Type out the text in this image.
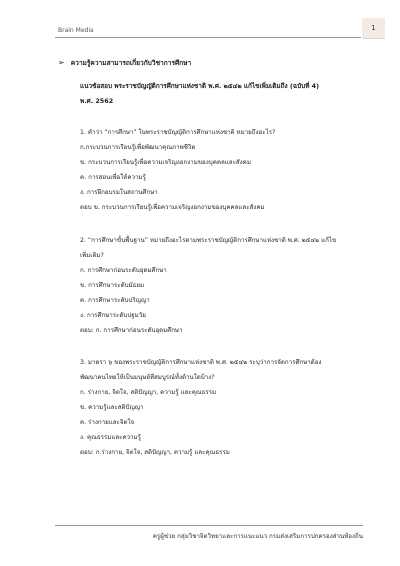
Brain Media	1
➢ ความรู้ความสามารถเกี่ยวกับวิชาการศึกษา
แนวข้อสอบ พระราชบัญญัติการศึกษาแห่งชาติ พ.ศ. ๒๕๔๒ แก้ไขเพิ่มเติมถึง (ฉบับที่ 4)
พ.ศ. 2562
1. คำว่า “การศึกษา” ในพระราชบัญญัติการศึกษาแห่งชาติ หมายถึงอะไร?
ก.กระบวนการเรียนรู้เพื่อพัฒนาคุณภาพชีวิต
ข. กระบวนการเรียนรู้เพื่อความเจริญงอกงามของบุคคลและสังคม
ค. การสอนเพื่อให้ความรู้
ง. การฝึกอบรมในสถานศึกษา
ตอบ ข. กระบวนการเรียนรู้เพื่อความเจริญงอกงามของบุคคลและสังคม
2. “การศึกษาขั้นพื้นฐาน” หมายถึงอะไรตามพระราชบัญญัติการศึกษาแห่งชาติ พ.ศ. ๒๕๔๒ แก้ไข
เพิ่มเติม?
ก. การศึกษาก่อนระดับอุดมศึกษา
ข. การศึกษาระดับมัธยม
ค. การศึกษาระดับปริญญา
ง. การศึกษาระดับปฐมวัย
ตอบ: ก. การศึกษาก่อนระดับอุดมศึกษา
3. มาตรา ๖ ของพระราชบัญญัติการศึกษาแห่งชาติ พ.ศ. ๒๕๔๒ ระบุว่าการจัดการศึกษาต้อง
พัฒนาคนไทยให้เป็นมนุษย์ที่สมบูรณ์ทั้งด้านใดบ้าง?
ก. ร่างกาย, จิตใจ, สติปัญญา, ความรู้ และคุณธรรม
ข. ความรู้และสติปัญญา
ค. ร่างกายและจิตใจ
ง. คุณธรรมและความรู้
ตอบ: ก.ร่างกาย, จิตใจ, สติปัญญา, ความรู้ และคุณธรรม
ครูผู้ช่วย กลุ่มวิชาจิตวิทยาและการแนะแนว กรมส่งเสริมการปกครองส่วนท้องถิ่น
